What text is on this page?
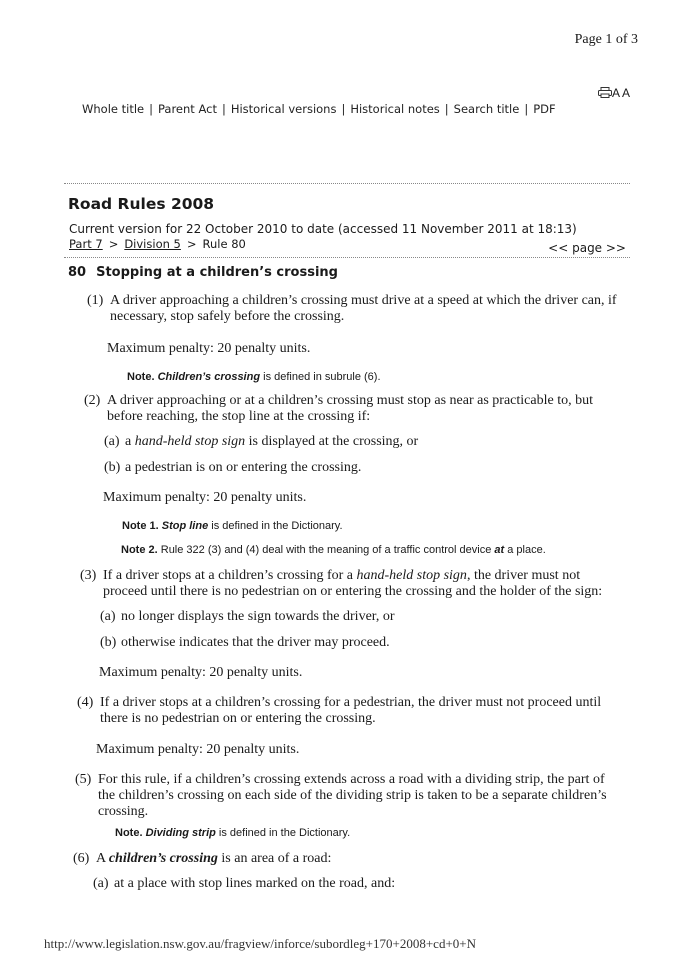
Page 1 of 3
A A
Whole title | Parent Act | Historical versions | Historical notes | Search title | PDF
Road Rules 2008
Current version for 22 October 2010 to date (accessed 11 November 2011 at 18:13)
Part 7 > Division 5 > Rule 80	<< page >>
80 Stopping at a children’s crossing
(1) A driver approaching a children’s crossing must drive at a speed at which the driver can, if
necessary, stop safely before the crossing.
Maximum penalty: 20 penalty units.
Note. Children’s crossing is defined in subrule (6).
(2) A driver approaching or at a children’s crossing must stop as near as practicable to, but
before reaching, the stop line at the crossing if:
(a) a hand-held stop sign is displayed at the crossing, or
(b) a pedestrian is on or entering the crossing.
Maximum penalty: 20 penalty units.
Note 1. Stop line is defined in the Dictionary.
Note 2. Rule 322 (3) and (4) deal with the meaning of a traffic control device at a place.
(3) If a driver stops at a children’s crossing for a hand-held stop sign, the driver must not
proceed until there is no pedestrian on or entering the crossing and the holder of the sign:
(a) no longer displays the sign towards the driver, or
(b) otherwise indicates that the driver may proceed.
Maximum penalty: 20 penalty units.
(4) If a driver stops at a children’s crossing for a pedestrian, the driver must not proceed until
there is no pedestrian on or entering the crossing.
Maximum penalty: 20 penalty units.
(5) For this rule, if a children’s crossing extends across a road with a dividing strip, the part of
the children’s crossing on each side of the dividing strip is taken to be a separate children’s
crossing.
Note. Dividing strip is defined in the Dictionary.
(6) A children’s crossing is an area of a road:
(a) at a place with stop lines marked on the road, and:
http://www.legislation.nsw.gov.au/fragview/inforce/subordleg+170+2008+cd+0+N
